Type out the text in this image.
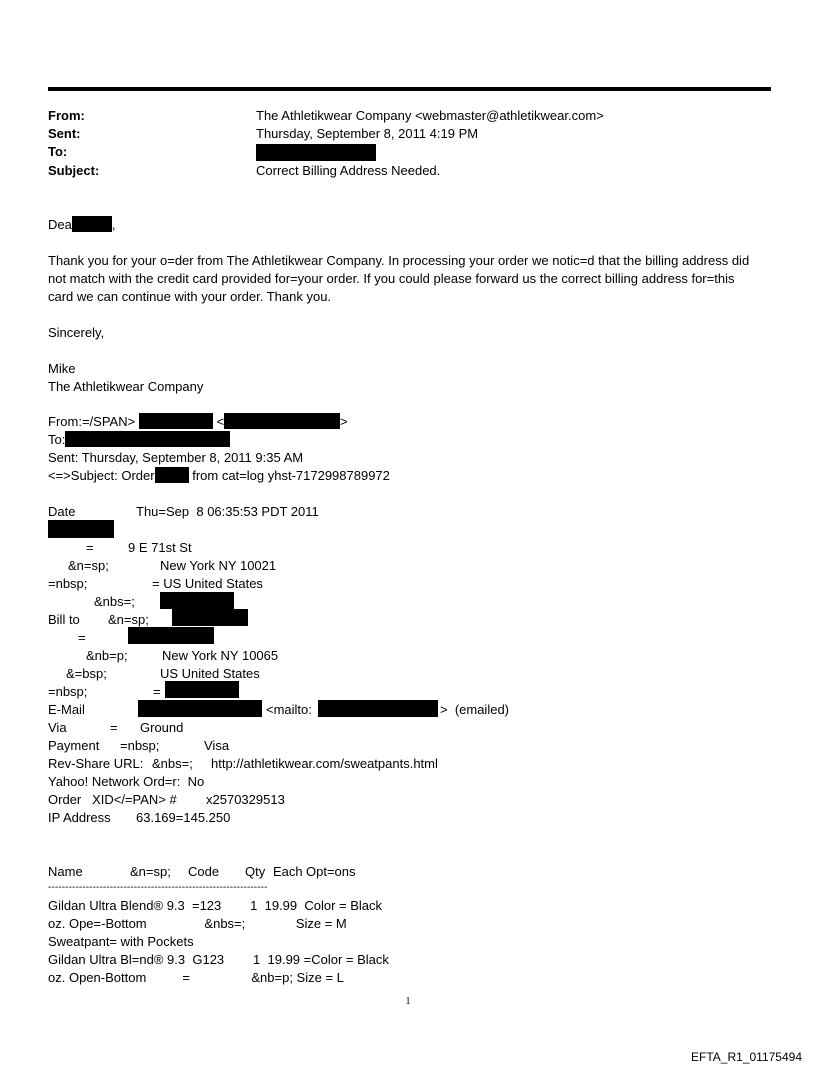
From:	The Athletikwear Company <webmaster@athletikwear.com>
Sent:	Thursday, September 8, 2011 4:19 PM
To:
Subject:	Correct Billing Address Needed.
Dea	,
Thank you for your o=der from The Athletikwear Company. In processing your order we notic=d that the billing address did not match with the credit card provided for=your order. If you could please forward us the correct billing address for=this card we can continue with your order. Thank you.
Sincerely,
Mike
The Athletikwear Company
From:=/SPAN>	<	>
To:
Sent: Thursday, September 8, 2011 9:35 AM
<=>Subject: Order	from cat=log yhst-7172998789972
Date	Thu=Sep  8 06:35:53 PDT 2011
=	9 E 71st St
&n=sp;	New York NY 10021
=nbsp;	= US United States
&nbs=;
Bill to &n=sp;
=
&nb=p;	New York NY 10065
&=bsp;	US United States
=nbsp;	=
E-Mail	<mailto:	>  (emailed)
Via	= Ground
Payment =nbsp;	Visa
Rev-Share URL: &nbs=; http://athletikwear.com/sweatpants.html
Yahoo! Network Ord=r:  No
Order   XID</=PAN> # x2570329513
IP Address 63.169=145.250
Name	&n=sp; Code Qty Each Opt=ons
----------------------------------------------------------------
Gildan Ultra Blend® 9.3  =123        1  19.99  Color = Black
oz. Ope=-Bottom                &nbs=;              Size = M
Sweatpant= with Pockets
Gildan Ultra Bl=nd® 9.3  G123        1  19.99 =Color = Black
oz. Open-Bottom          =                 &nb=p; Size = L
1
EFTA_R1_01175494
